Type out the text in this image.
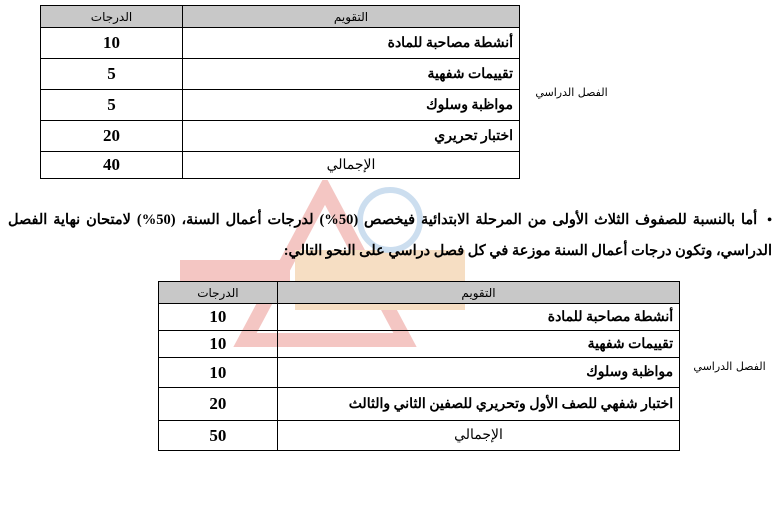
الفصل الدراسي	التقويم	الدرجات
	أنشطة مصاحبة للمادة	10
	تقييمات شفهية	5
	مواظبة وسلوك	5
	اختبار تحريري	20
	الإجمالي	40
• أما بالنسبة للصفوف الثلاث الأولى من المرحلة الابتدائية فيخصص (50%) لدرجات أعمال السنة، (50%) لامتحان نهاية الفصل الدراسي، وتكون درجات أعمال السنة موزعة في كل فصل دراسي على النحو التالي:
الفصل الدراسي	التقويم	الدرجات
	أنشطة مصاحبة للمادة	10
	تقييمات شفهية	10
	مواظبة وسلوك	10
	اختبار شفهي للصف الأول وتحريري للصفين الثاني والثالث	20
	الإجمالي	50
